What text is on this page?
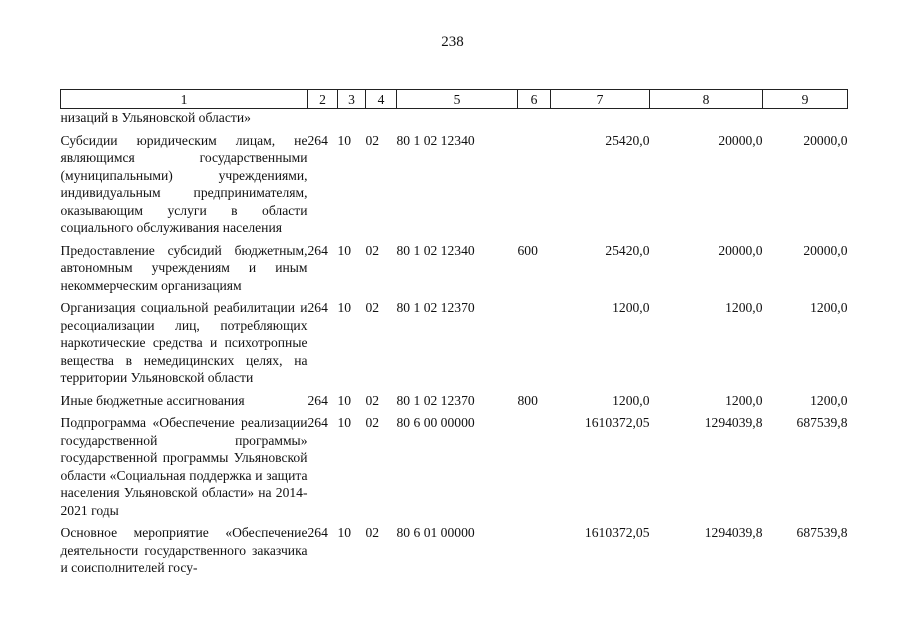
238
1	2	3	4	5	6	7	8	9
низаций в Ульяновской области»								
Субсидии юридическим лицам, не являющимся государственными (муниципальными) учреждениями, индивидуальным предпринимателям, оказывающим услуги в области социального обслуживания населения	264	10	02	80 1 02 12340		25420,0	20000,0	20000,0
Предоставление субсидий бюджетным, автономным учреждениям и иным некоммерческим организациям	264	10	02	80 1 02 12340	600	25420,0	20000,0	20000,0
Организация социальной реабилитации и ресоциализации лиц, потребляющих наркотические средства и психотропные вещества в немедицинских целях, на территории Ульяновской области	264	10	02	80 1 02 12370		1200,0	1200,0	1200,0
Иные бюджетные ассигнования	264	10	02	80 1 02 12370	800	1200,0	1200,0	1200,0
Подпрограмма «Обеспечение реализации государственной программы» государственной программы Ульяновской области «Социальная поддержка и защита населения Ульяновской области» на 2014-2021 годы	264	10	02	80 6 00 00000		1610372,05	1294039,8	687539,8
Основное мероприятие «Обеспечение деятельности государственного заказчика и соисполнителей госу-	264	10	02	80 6 01 00000		1610372,05	1294039,8	687539,8
